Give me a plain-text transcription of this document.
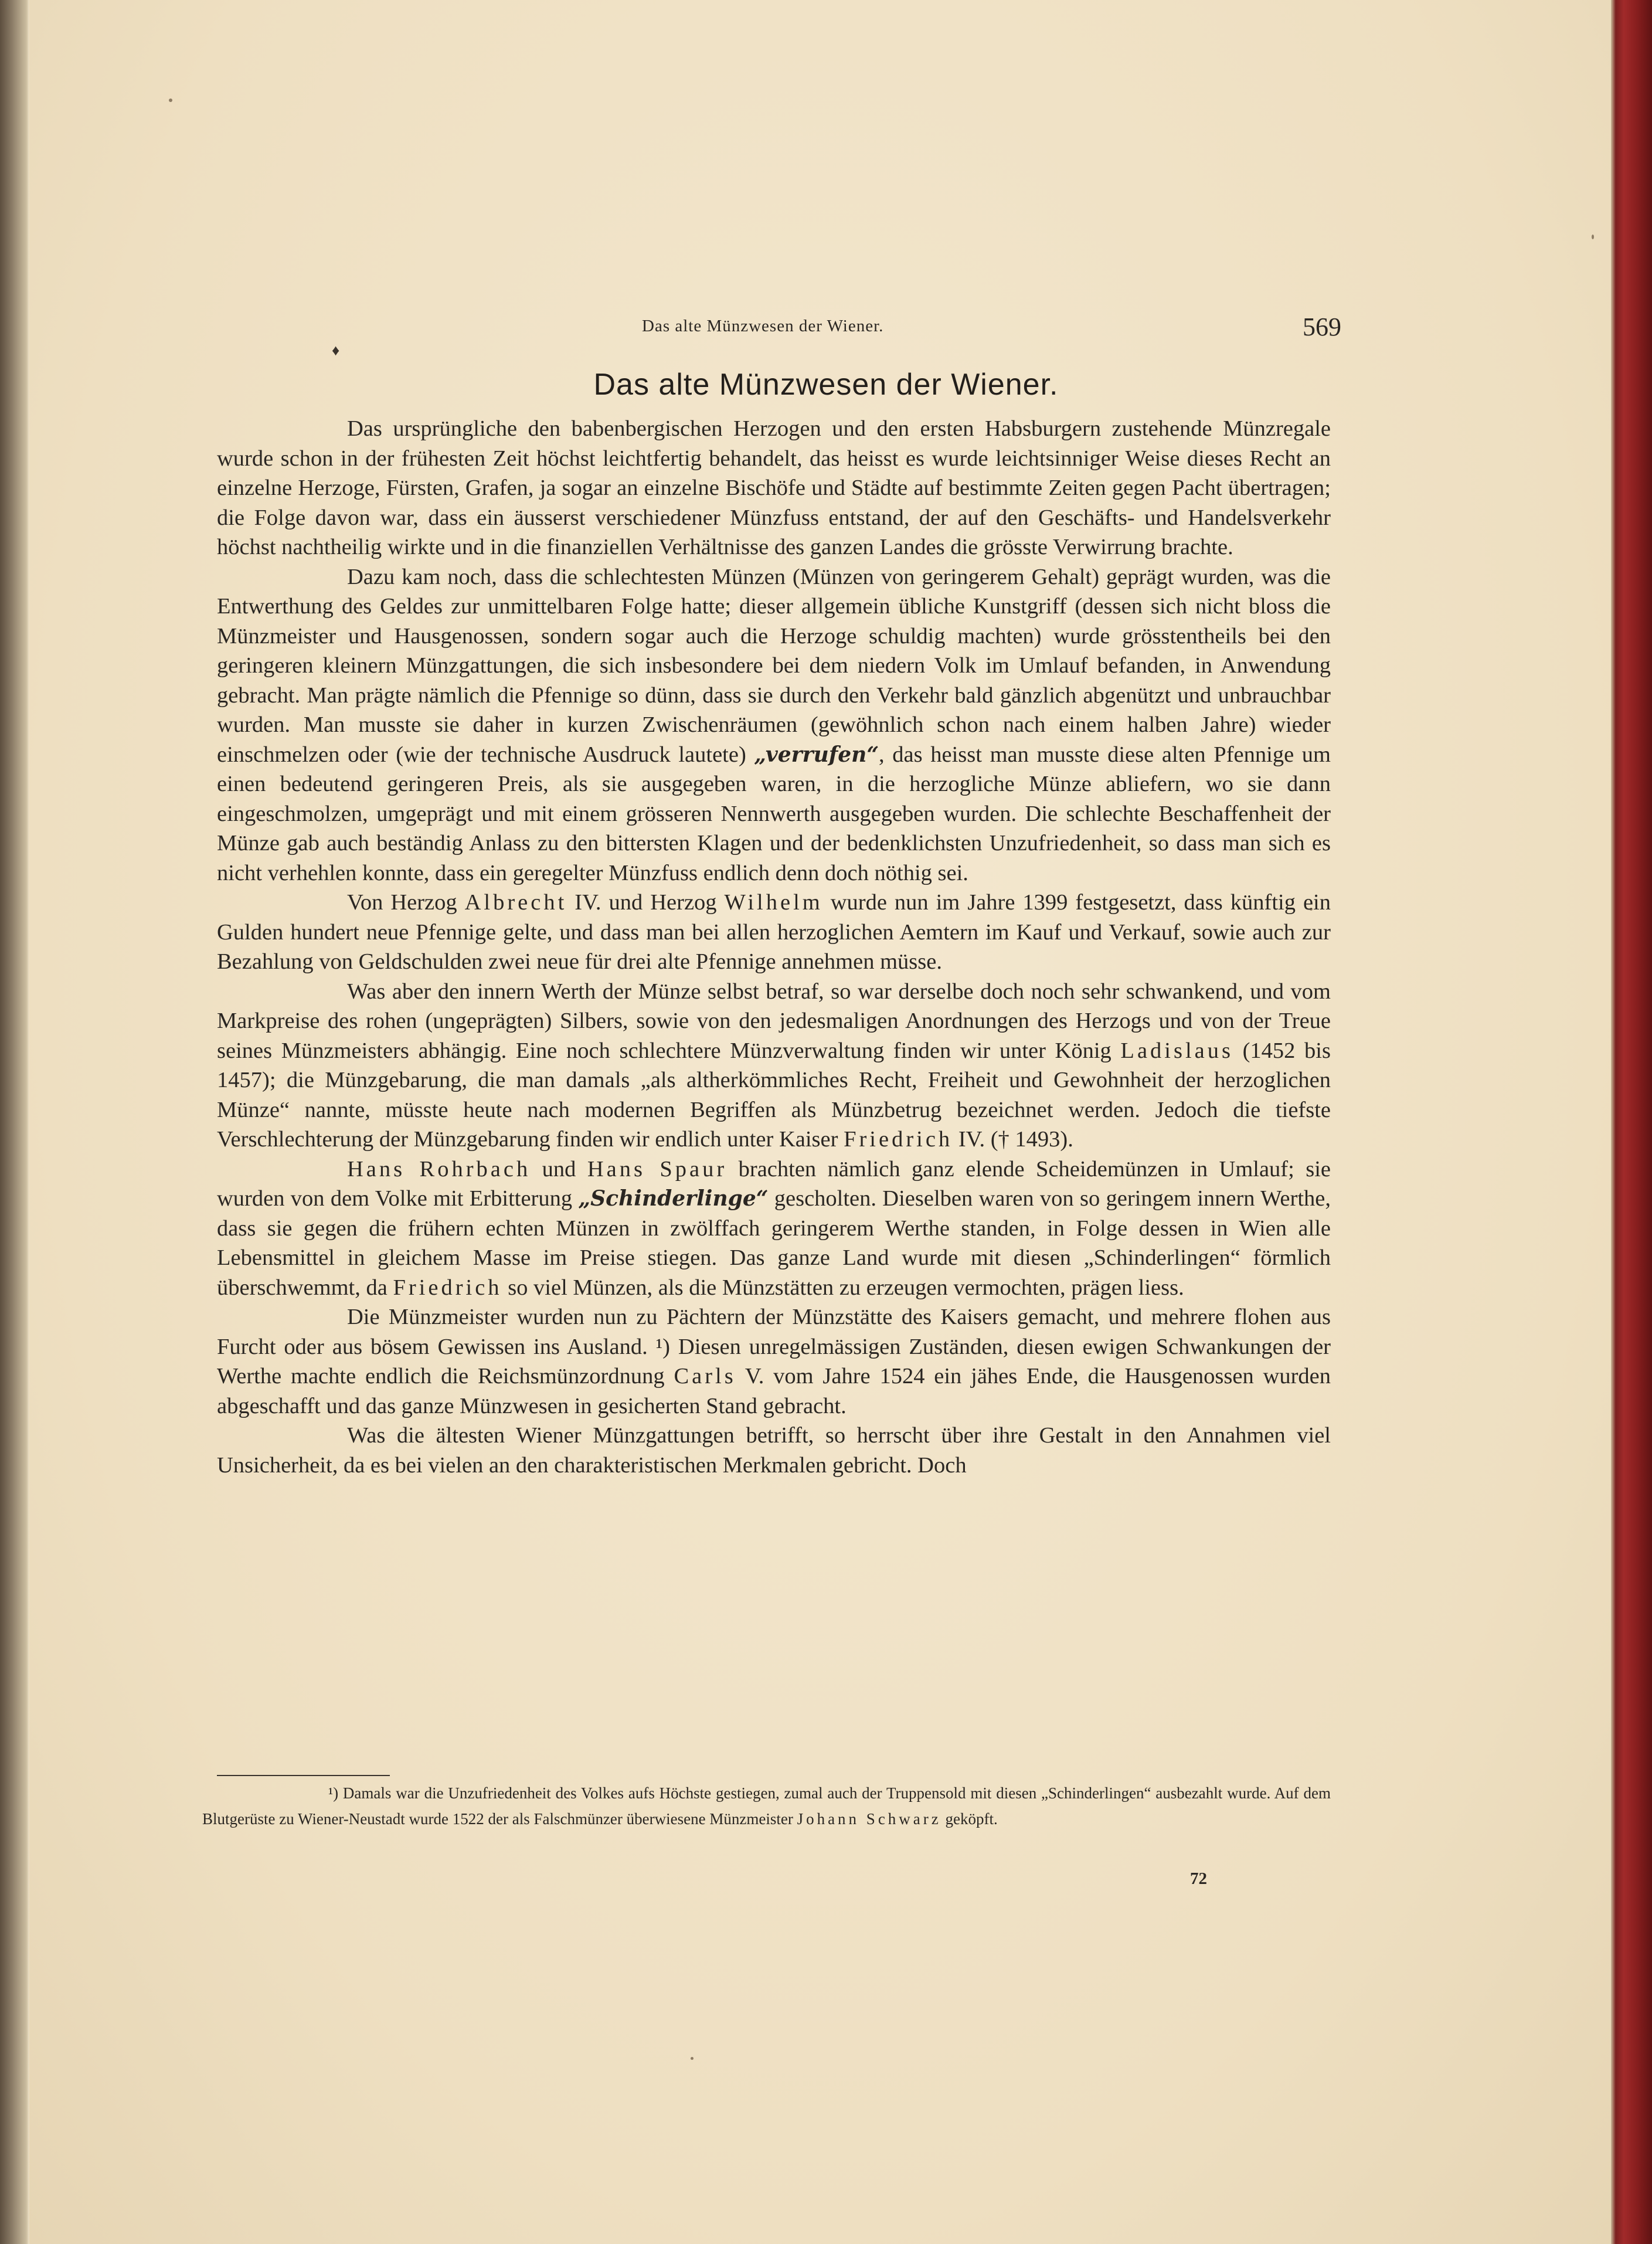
Das alte Münzwesen der Wiener.	569
♦
Das alte Münzwesen der Wiener.

Das ursprüngliche den babenbergischen Herzogen und den ersten Habsburgern zustehende Münzregale wurde schon in der frühesten Zeit höchst leichtfertig behandelt, das heisst es wurde leichtsinniger Weise dieses Recht an einzelne Herzoge, Fürsten, Grafen, ja sogar an einzelne Bischöfe und Städte auf bestimmte Zeiten gegen Pacht übertragen; die Folge davon war, dass ein äusserst verschiedener Münzfuss entstand, der auf den Geschäfts- und Handelsverkehr höchst nachtheilig wirkte und in die finanziellen Verhältnisse des ganzen Landes die grösste Verwirrung brachte.

Dazu kam noch, dass die schlechtesten Münzen (Münzen von geringerem Gehalt) geprägt wurden, was die Entwerthung des Geldes zur unmittelbaren Folge hatte; dieser allgemein übliche Kunstgriff (dessen sich nicht bloss die Münzmeister und Hausgenossen, sondern sogar auch die Herzoge schuldig machten) wurde grösstentheils bei den geringeren kleinern Münzgattungen, die sich insbesondere bei dem niedern Volk im Umlauf befanden, in Anwendung gebracht. Man prägte nämlich die Pfennige so dünn, dass sie durch den Verkehr bald gänzlich abgenützt und unbrauchbar wurden. Man musste sie daher in kurzen Zwischenräumen (gewöhnlich schon nach einem halben Jahre) wieder einschmelzen oder (wie der technische Ausdruck lautete) „verrufen“, das heisst man musste diese alten Pfennige um einen bedeutend geringeren Preis, als sie ausgegeben waren, in die herzogliche Münze abliefern, wo sie dann eingeschmolzen, umgeprägt und mit einem grösseren Nennwerth ausgegeben wurden. Die schlechte Beschaffenheit der Münze gab auch beständig Anlass zu den bittersten Klagen und der bedenklichsten Unzufriedenheit, so dass man sich es nicht verhehlen konnte, dass ein geregelter Münzfuss endlich denn doch nöthig sei.

Von Herzog Albrecht IV. und Herzog Wilhelm wurde nun im Jahre 1399 festgesetzt, dass künftig ein Gulden hundert neue Pfennige gelte, und dass man bei allen herzoglichen Aemtern im Kauf und Verkauf, sowie auch zur Bezahlung von Geldschulden zwei neue für drei alte Pfennige annehmen müsse.

Was aber den innern Werth der Münze selbst betraf, so war derselbe doch noch sehr schwankend, und vom Markpreise des rohen (ungeprägten) Silbers, sowie von den jedesmaligen Anordnungen des Herzogs und von der Treue seines Münzmeisters abhängig. Eine noch schlechtere Münzverwaltung finden wir unter König Ladislaus (1452 bis 1457); die Münzgebarung, die man damals „als altherkömmliches Recht, Freiheit und Gewohnheit der herzoglichen Münze“ nannte, müsste heute nach modernen Begriffen als Münzbetrug bezeichnet werden. Jedoch die tiefste Verschlechterung der Münzgebarung finden wir endlich unter Kaiser Friedrich IV. († 1493).

Hans Rohrbach und Hans Spaur brachten nämlich ganz elende Scheidemünzen in Umlauf; sie wurden von dem Volke mit Erbitterung „Schinderlinge“ gescholten. Dieselben waren von so geringem innern Werthe, dass sie gegen die frühern echten Münzen in zwölffach geringerem Werthe standen, in Folge dessen in Wien alle Lebensmittel in gleichem Masse im Preise stiegen. Das ganze Land wurde mit diesen „Schinderlingen“ förmlich überschwemmt, da Friedrich so viel Münzen, als die Münzstätten zu erzeugen vermochten, prägen liess.

Die Münzmeister wurden nun zu Pächtern der Münzstätte des Kaisers gemacht, und mehrere flohen aus Furcht oder aus bösem Gewissen ins Ausland. ¹) Diesen unregelmässigen Zuständen, diesen ewigen Schwankungen der Werthe machte endlich die Reichsmünzordnung Carls V. vom Jahre 1524 ein jähes Ende, die Hausgenossen wurden abgeschafft und das ganze Münzwesen in gesicherten Stand gebracht.

Was die ältesten Wiener Münzgattungen betrifft, so herrscht über ihre Gestalt in den Annahmen viel Unsicherheit, da es bei vielen an den charakteristischen Merkmalen gebricht. Doch

¹) Damals war die Unzufriedenheit des Volkes aufs Höchste gestiegen, zumal auch der Truppensold mit diesen „Schinderlingen“ ausbezahlt wurde. Auf dem Blutgerüste zu Wiener-Neustadt wurde 1522 der als Falschmünzer überwiesene Münzmeister Johann Schwarz geköpft.

72
